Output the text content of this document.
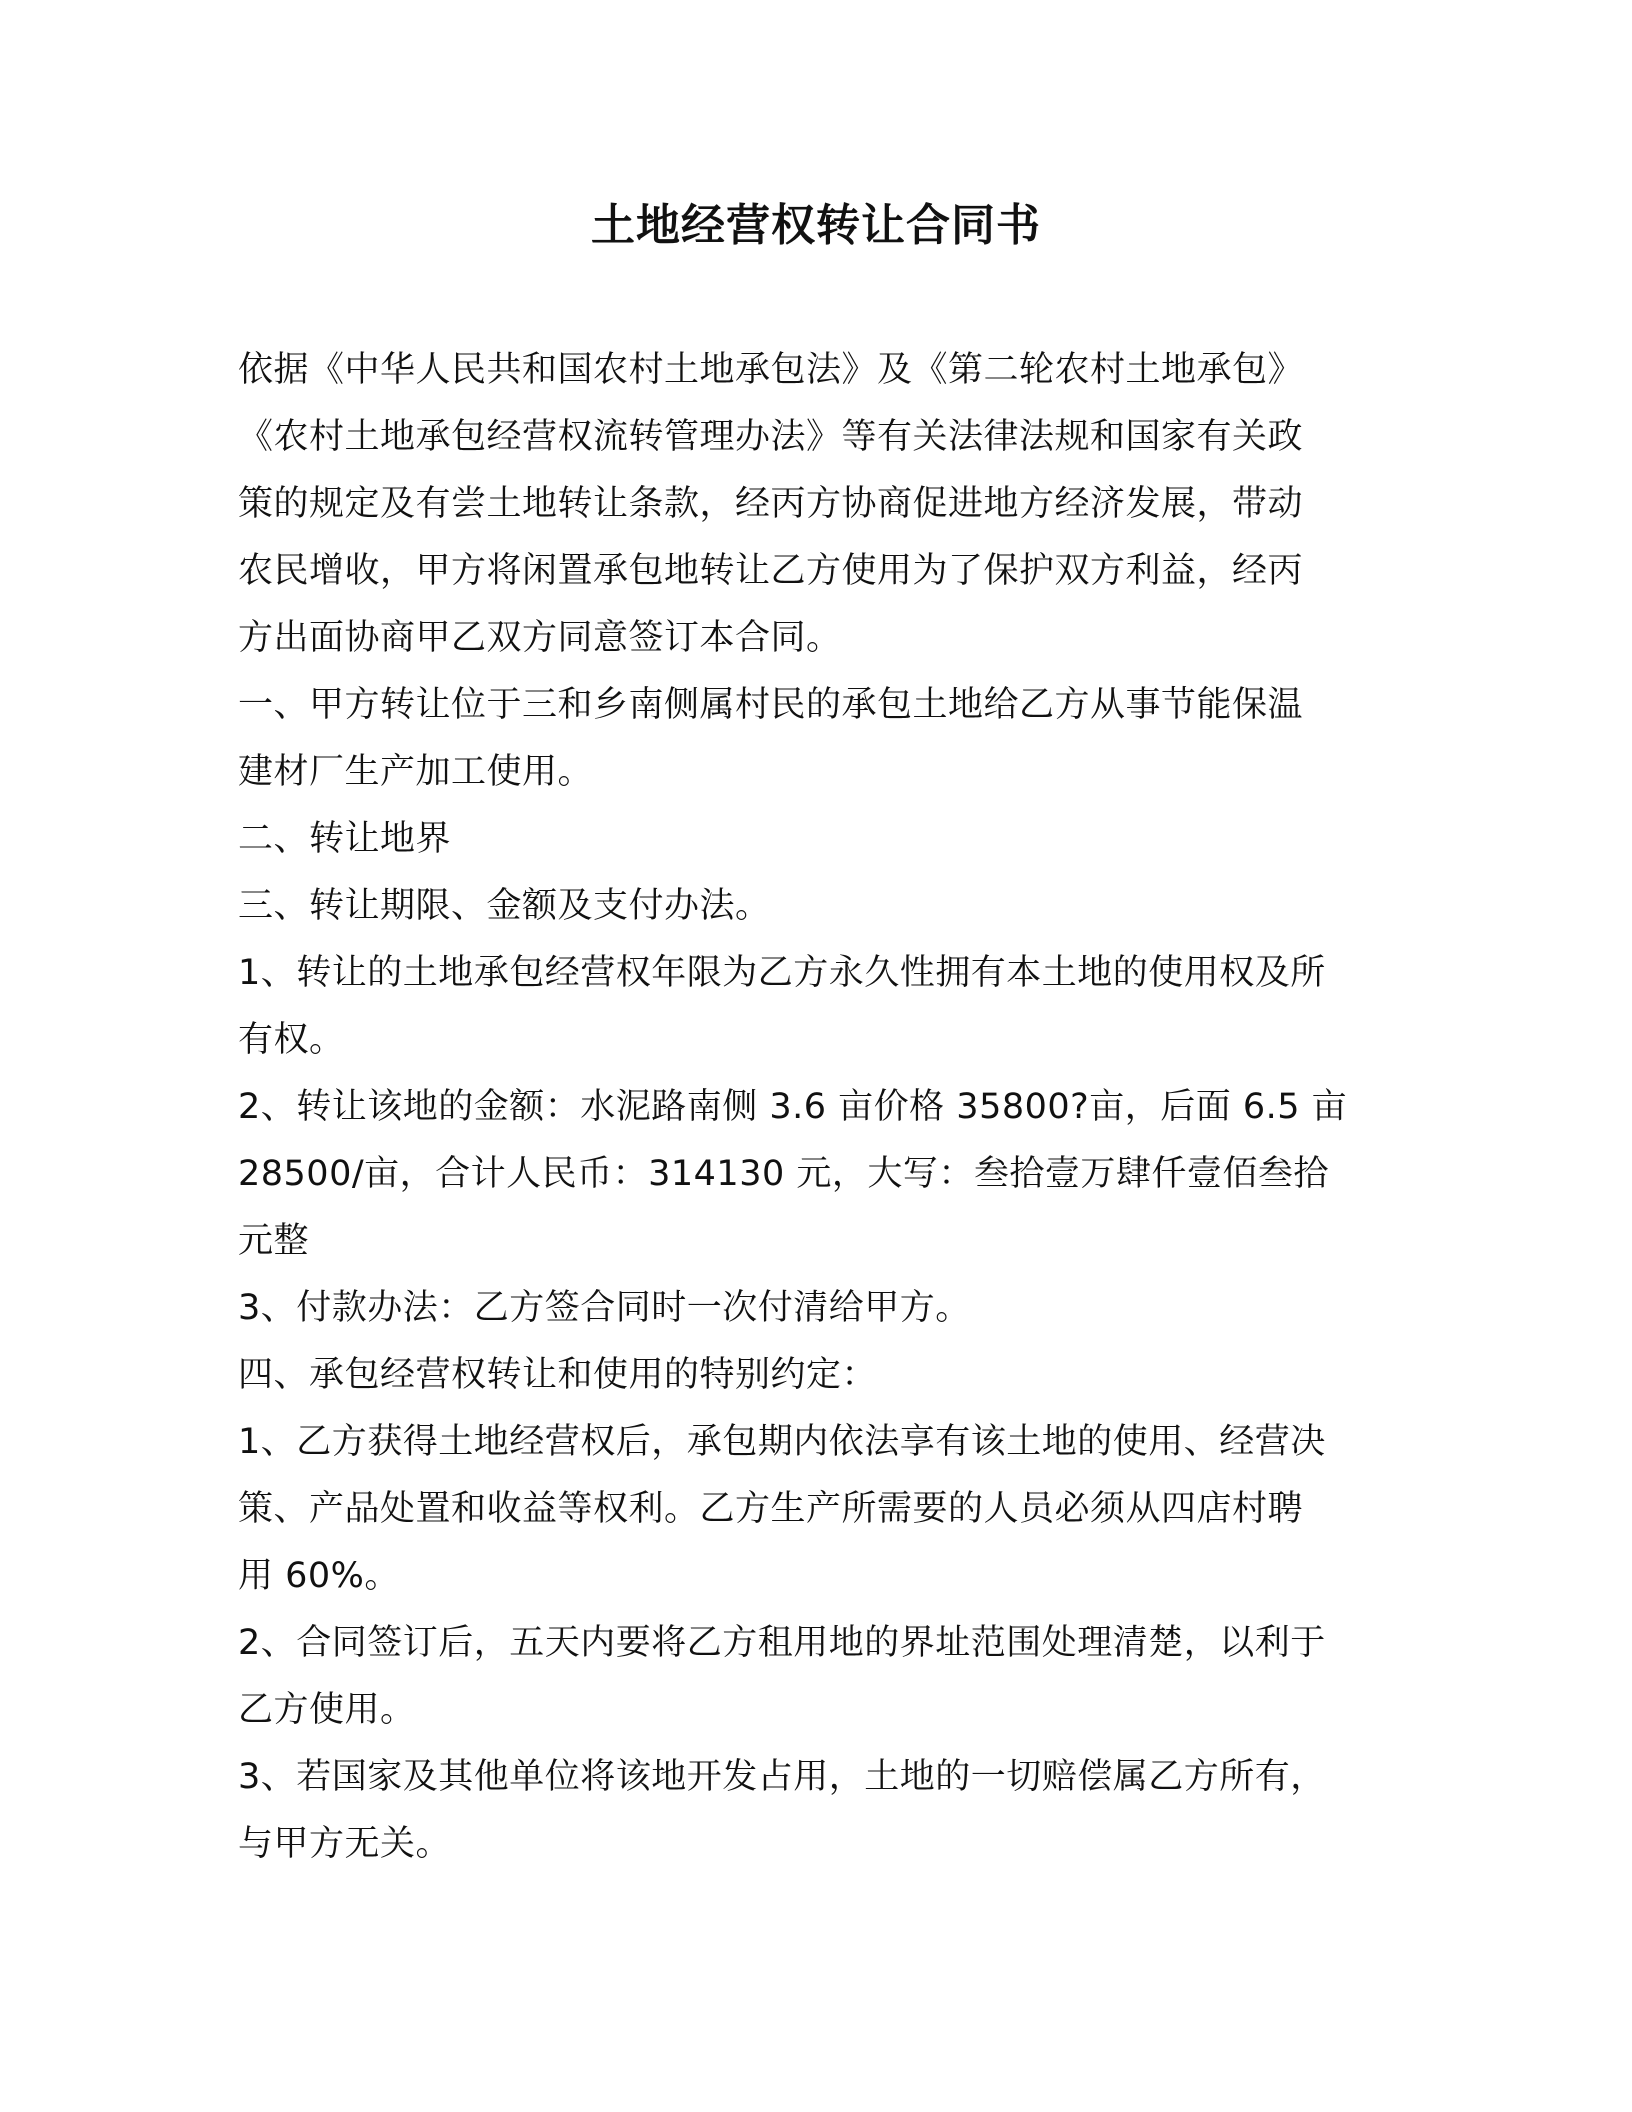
土地经营权转让合同书
依据《中华人民共和国农村土地承包法》及《第二轮农村土地承包》
《农村土地承包经营权流转管理办法》等有关法律法规和国家有关政
策的规定及有尝土地转让条款，经丙方协商促进地方经济发展，带动
农民增收，甲方将闲置承包地转让乙方使用为了保护双方利益，经丙
方出面协商甲乙双方同意签订本合同。
一、甲方转让位于三和乡南侧属村民的承包土地给乙方从事节能保温
建材厂生产加工使用。
二、转让地界
三、转让期限、金额及支付办法。
1、转让的土地承包经营权年限为乙方永久性拥有本土地的使用权及所
有权。
2、转让该地的金额：水泥路南侧 3.6 亩价格 35800?亩，后面 6.5 亩
28500/亩，合计人民币：314130 元，大写：叁拾壹万肆仟壹佰叁拾
元整
3、付款办法：乙方签合同时一次付清给甲方。
四、承包经营权转让和使用的特别约定：
1、乙方获得土地经营权后，承包期内依法享有该土地的使用、经营决
策、产品处置和收益等权利。乙方生产所需要的人员必须从四店村聘
用 60%。
2、合同签订后，五天内要将乙方租用地的界址范围处理清楚，以利于
乙方使用。
3、若国家及其他单位将该地开发占用，土地的一切赔偿属乙方所有，
与甲方无关。
